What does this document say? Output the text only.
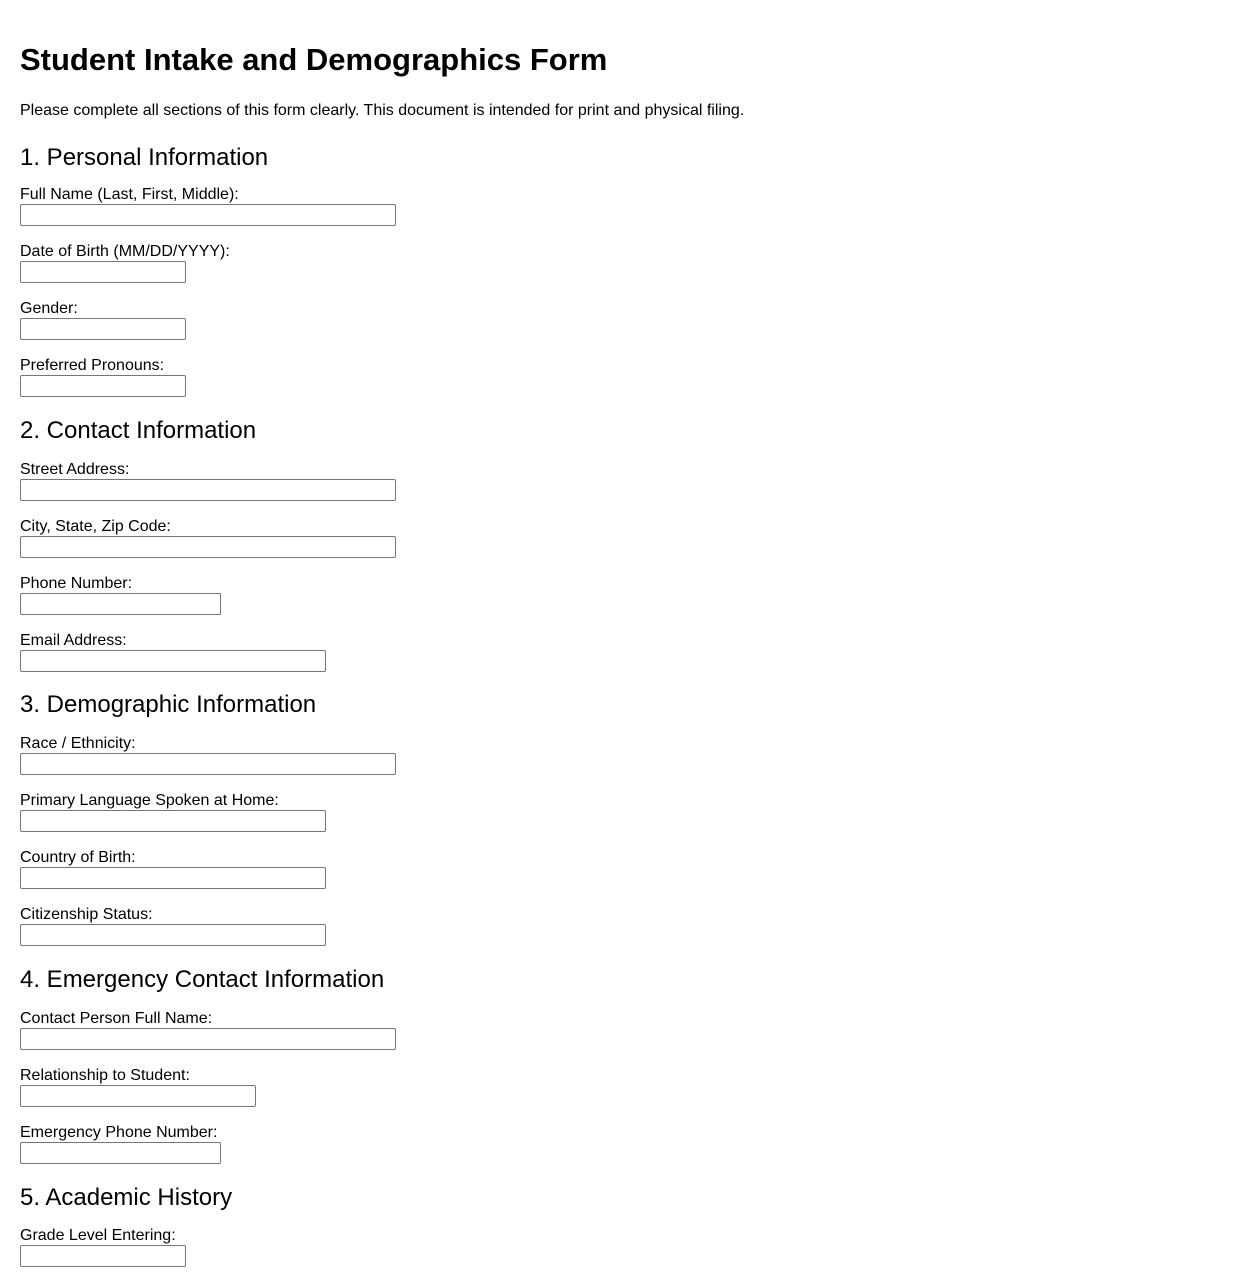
Student Intake and Demographics Form

Please complete all sections of this form clearly. This document is intended for print and physical filing.

1. Personal Information
Full Name (Last, First, Middle):
Date of Birth (MM/DD/YYYY):
Gender:
Preferred Pronouns:
2. Contact Information
Street Address:
City, State, Zip Code:
Phone Number:
Email Address:
3. Demographic Information
Race / Ethnicity:
Primary Language Spoken at Home:
Country of Birth:
Citizenship Status:
4. Emergency Contact Information
Contact Person Full Name:
Relationship to Student:
Emergency Phone Number:
5. Academic History
Grade Level Entering:
